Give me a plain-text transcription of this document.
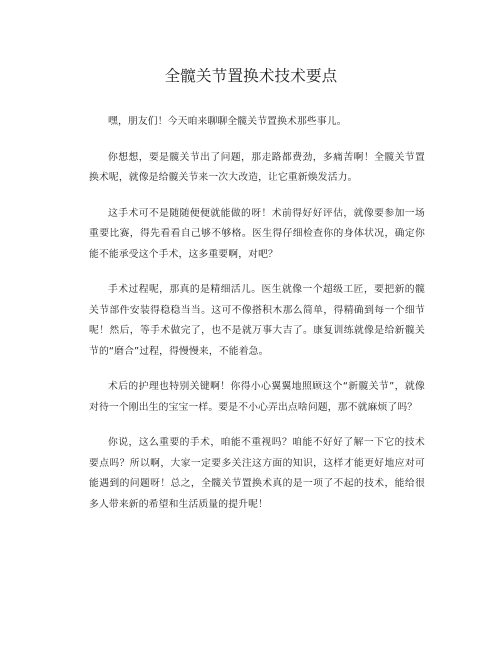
全髋关节置换术技术要点

嘿，朋友们！今天咱来聊聊全髋关节置换术那些事儿。

你想想，要是髋关节出了问题，那走路都费劲，多痛苦啊！全髋关节置换术呢，就像是给髋关节来一次大改造，让它重新焕发活力。

这手术可不是随随便便就能做的呀！术前得好好评估，就像要参加一场重要比赛，得先看看自己够不够格。医生得仔细检查你的身体状况，确定你能不能承受这个手术，这多重要啊，对吧？

手术过程呢，那真的是精细活儿。医生就像一个超级工匠，要把新的髋关节部件安装得稳稳当当。这可不像搭积木那么简单，得精确到每一个细节呢！然后，等手术做完了，也不是就万事大吉了。康复训练就像是给新髋关节的“磨合”过程，得慢慢来，不能着急。

术后的护理也特别关键啊！你得小心翼翼地照顾这个“新髋关节”，就像对待一个刚出生的宝宝一样。要是不小心弄出点啥问题，那不就麻烦了吗？

你说，这么重要的手术，咱能不重视吗？咱能不好好了解一下它的技术要点吗？所以啊，大家一定要多关注这方面的知识，这样才能更好地应对可能遇到的问题呀！总之，全髋关节置换术真的是一项了不起的技术，能给很多人带来新的希望和生活质量的提升呢！
